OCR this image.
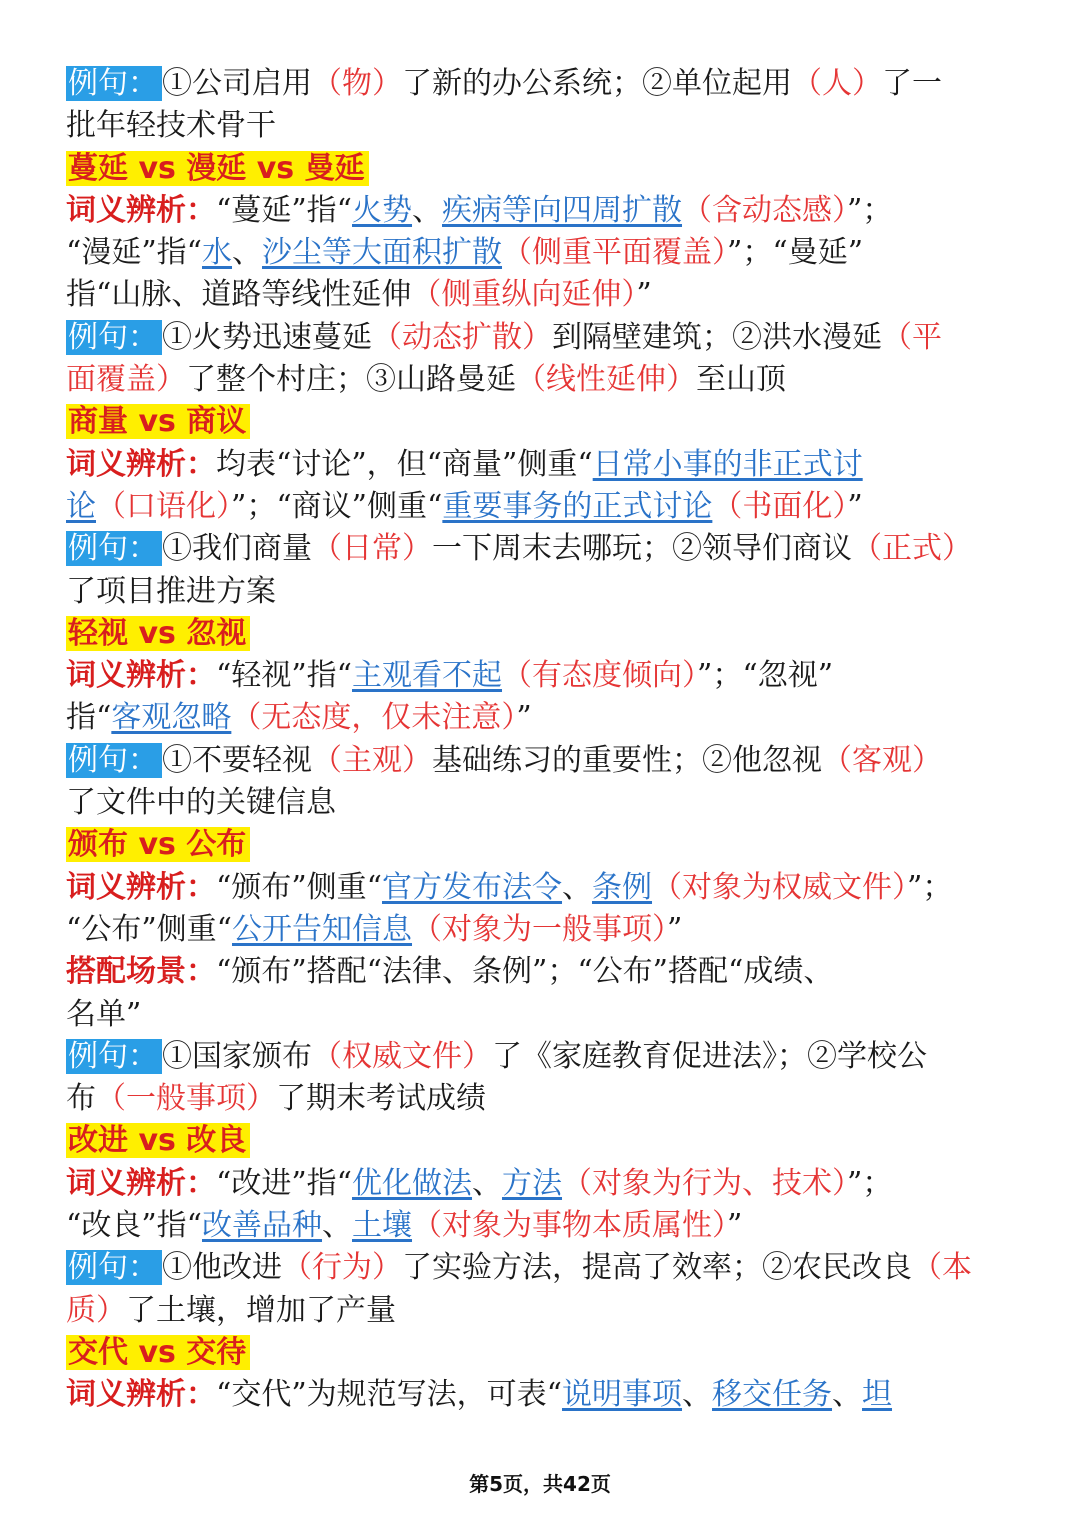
例句： ①公司启用（物）了新的办公系统；②单位起用（人）了一
批年轻技术骨干
蔓延 vs 漫延 vs 曼延
词义辨析：“蔓延”指“火势、疾病等向四周扩散（含动态感）”；
“漫延”指“水、沙尘等大面积扩散（侧重平面覆盖）”；“曼延”
指“山脉、道路等线性延伸（侧重纵向延伸）”
例句： ①火势迅速蔓延（动态扩散）到隔壁建筑；②洪水漫延（平
面覆盖）了整个村庄；③山路曼延（线性延伸）至山顶
商量 vs 商议
词义辨析：均表“讨论”，但“商量”侧重“日常小事的非正式讨
论（口语化）”；“商议”侧重“重要事务的正式讨论（书面化）”
例句： ①我们商量（日常）一下周末去哪玩；②领导们商议（正式）
了项目推进方案
轻视 vs 忽视
词义辨析：“轻视”指“主观看不起（有态度倾向）”；“忽视”
指“客观忽略（无态度，仅未注意）”
例句： ①不要轻视（主观）基础练习的重要性；②他忽视（客观）
了文件中的关键信息
颁布 vs 公布
词义辨析：“颁布”侧重“官方发布法令、条例（对象为权威文件）”；
“公布”侧重“公开告知信息（对象为一般事项）”
搭配场景：“颁布”搭配“法律、条例”；“公布”搭配“成绩、
名单”
例句： ①国家颁布（权威文件）了《家庭教育促进法》；②学校公
布（一般事项）了期末考试成绩
改进 vs 改良
词义辨析：“改进”指“优化做法、方法（对象为行为、技术）”；
“改良”指“改善品种、土壤（对象为事物本质属性）”
例句： ①他改进（行为）了实验方法，提高了效率；②农民改良（本
质）了土壤，增加了产量
交代 vs 交待
词义辨析：“交代”为规范写法，可表“说明事项、移交任务、坦
第5页，共42页
